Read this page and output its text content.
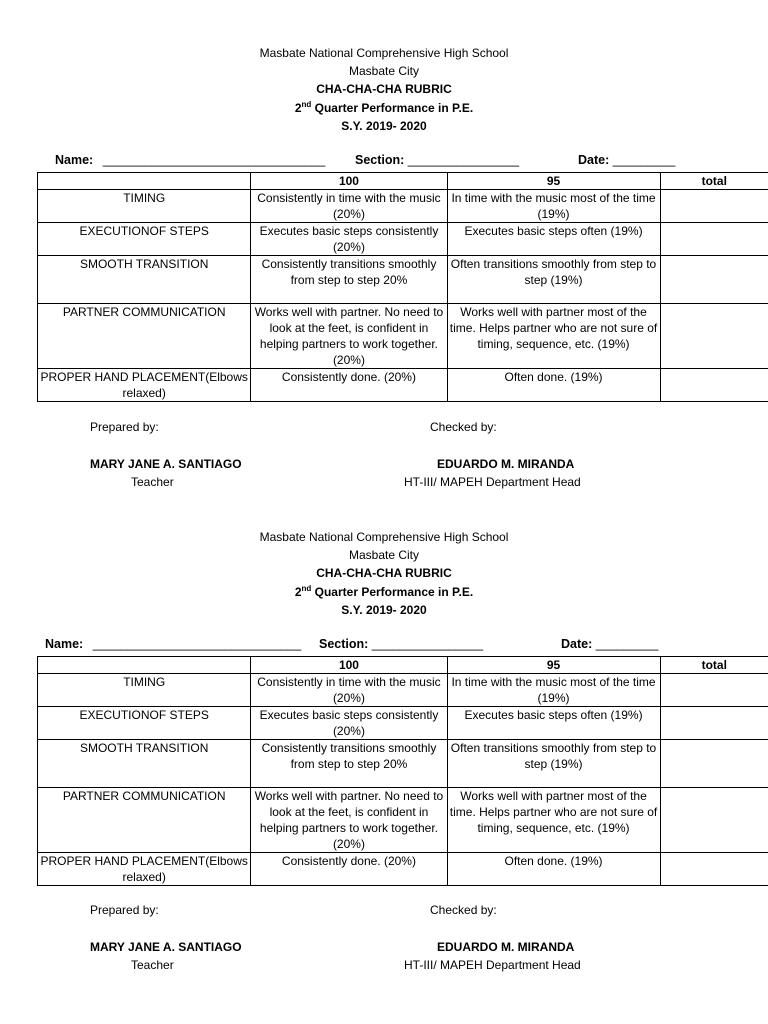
Masbate National Comprehensive High School
Masbate City
CHA-CHA-CHA RUBRIC
2nd Quarter Performance in P.E.
S.Y. 2019- 2020
Name: ________________________________ Section: ________________	Date: _________
	100	95	total
TIMING	Consistently in time with the music (20%)	In time with the music most of the time (19%)	
EXECUTIONOF STEPS	Executes basic steps consistently (20%)	Executes basic steps often (19%)	
SMOOTH TRANSITION	Consistently transitions smoothly from step to step 20%	Often transitions smoothly from step to step (19%)	
PARTNER COMMUNICATION	Works well with partner. No need to look at the feet, is confident in helping partners to work together. (20%)	Works well with partner most of the time. Helps partner who are not sure of timing, sequence, etc. (19%)	
PROPER HAND PLACEMENT(Elbows relaxed)	Consistently done. (20%)	Often done. (19%)	
Prepared by:	Checked by:
MARY JANE A. SANTIAGO	EDUARDO M. MIRANDA
Teacher	HT-III/ MAPEH Department Head
Masbate National Comprehensive High School
Masbate City
CHA-CHA-CHA RUBRIC
2nd Quarter Performance in P.E.
S.Y. 2019- 2020
Name: ______________________________ Section: ________________	Date: _________
	100	95	total
TIMING	Consistently in time with the music (20%)	In time with the music most of the time (19%)	
EXECUTIONOF STEPS	Executes basic steps consistently (20%)	Executes basic steps often (19%)	
SMOOTH TRANSITION	Consistently transitions smoothly from step to step 20%	Often transitions smoothly from step to step (19%)	
PARTNER COMMUNICATION	Works well with partner. No need to look at the feet, is confident in helping partners to work together. (20%)	Works well with partner most of the time. Helps partner who are not sure of timing, sequence, etc. (19%)	
PROPER HAND PLACEMENT(Elbows relaxed)	Consistently done. (20%)	Often done. (19%)	
Prepared by:	Checked by:
MARY JANE A. SANTIAGO	EDUARDO M. MIRANDA
Teacher	HT-III/ MAPEH Department Head
